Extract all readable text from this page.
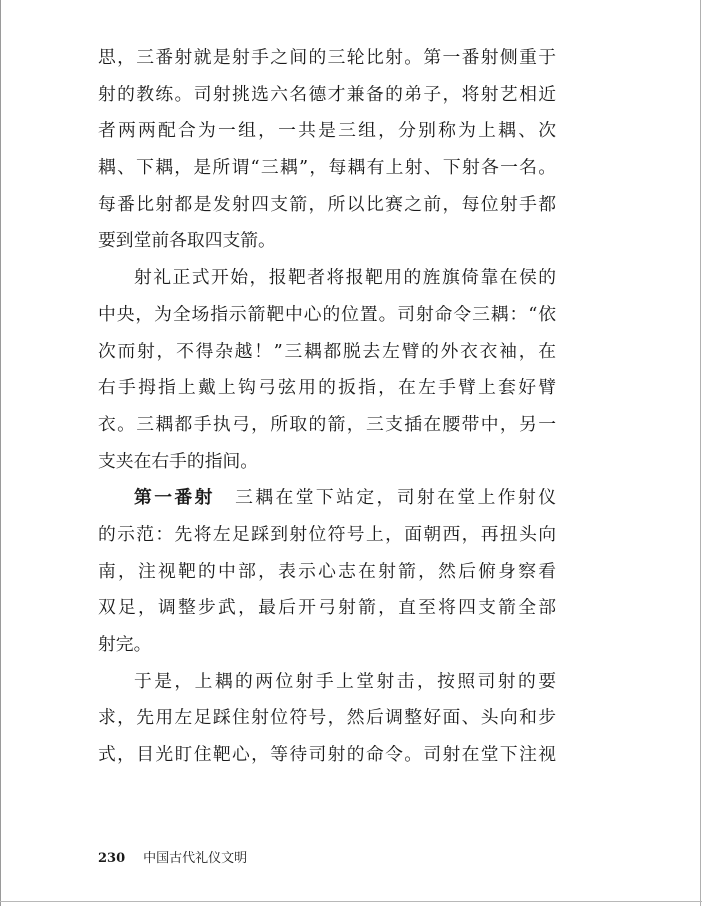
思，三番射就是射手之间的三轮比射。第一番射侧重于
射的教练。司射挑选六名德才兼备的弟子，将射艺相近
者两两配合为一组，一共是三组，分别称为上耦、次
耦、下耦，是所谓“三耦”，每耦有上射、下射各一名。
每番比射都是发射四支箭，所以比赛之前，每位射手都
要到堂前各取四支箭。
射礼正式开始，报靶者将报靶用的旌旗倚靠在侯的
中央，为全场指示箭靶中心的位置。司射命令三耦：“依
次而射，不得杂越！”三耦都脱去左臂的外衣衣袖，在
右手拇指上戴上钩弓弦用的扳指，在左手臂上套好臂
衣。三耦都手执弓，所取的箭，三支插在腰带中，另一
支夹在右手的指间。
第一番射　 三耦在堂下站定，司射在堂上作射仪
的示范：先将左足踩到射位符号上，面朝西，再扭头向
南，注视靶的中部，表示心志在射箭，然后俯身察看
双足，调整步武，最后开弓射箭，直至将四支箭全部
射完。
于是，上耦的两位射手上堂射击，按照司射的要
求，先用左足踩住射位符号，然后调整好面、头向和步
式，目光盯住靶心，等待司射的命令。司射在堂下注视
230 中国古代礼仪文明
